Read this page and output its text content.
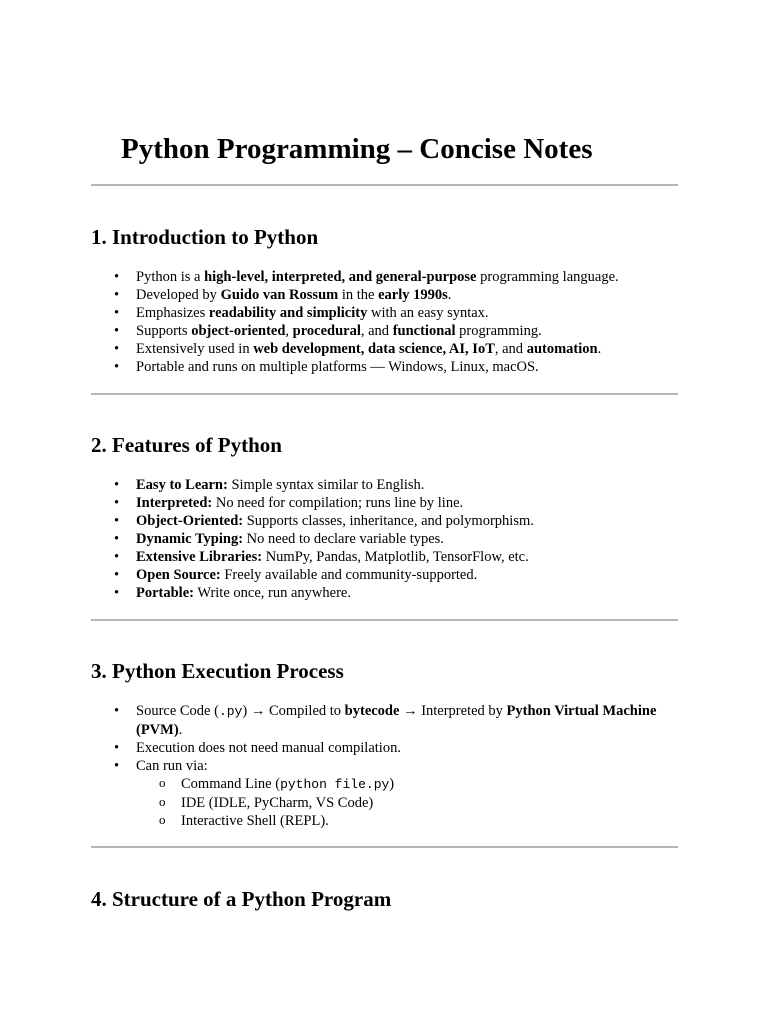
Python Programming – Concise Notes
1. Introduction to Python
• Python is a high-level, interpreted, and general-purpose programming language.
• Developed by Guido van Rossum in the early 1990s.
• Emphasizes readability and simplicity with an easy syntax.
• Supports object-oriented, procedural, and functional programming.
• Extensively used in web development, data science, AI, IoT, and automation.
• Portable and runs on multiple platforms — Windows, Linux, macOS.
2. Features of Python
• Easy to Learn: Simple syntax similar to English.
• Interpreted: No need for compilation; runs line by line.
• Object-Oriented: Supports classes, inheritance, and polymorphism.
• Dynamic Typing: No need to declare variable types.
• Extensive Libraries: NumPy, Pandas, Matplotlib, TensorFlow, etc.
• Open Source: Freely available and community-supported.
• Portable: Write once, run anywhere.
3. Python Execution Process
• Source Code (.py) → Compiled to bytecode → Interpreted by Python Virtual Machine (PVM).
• Execution does not need manual compilation.
• Can run via:
o Command Line (python file.py)
o IDE (IDLE, PyCharm, VS Code)
o Interactive Shell (REPL).
4. Structure of a Python Program
